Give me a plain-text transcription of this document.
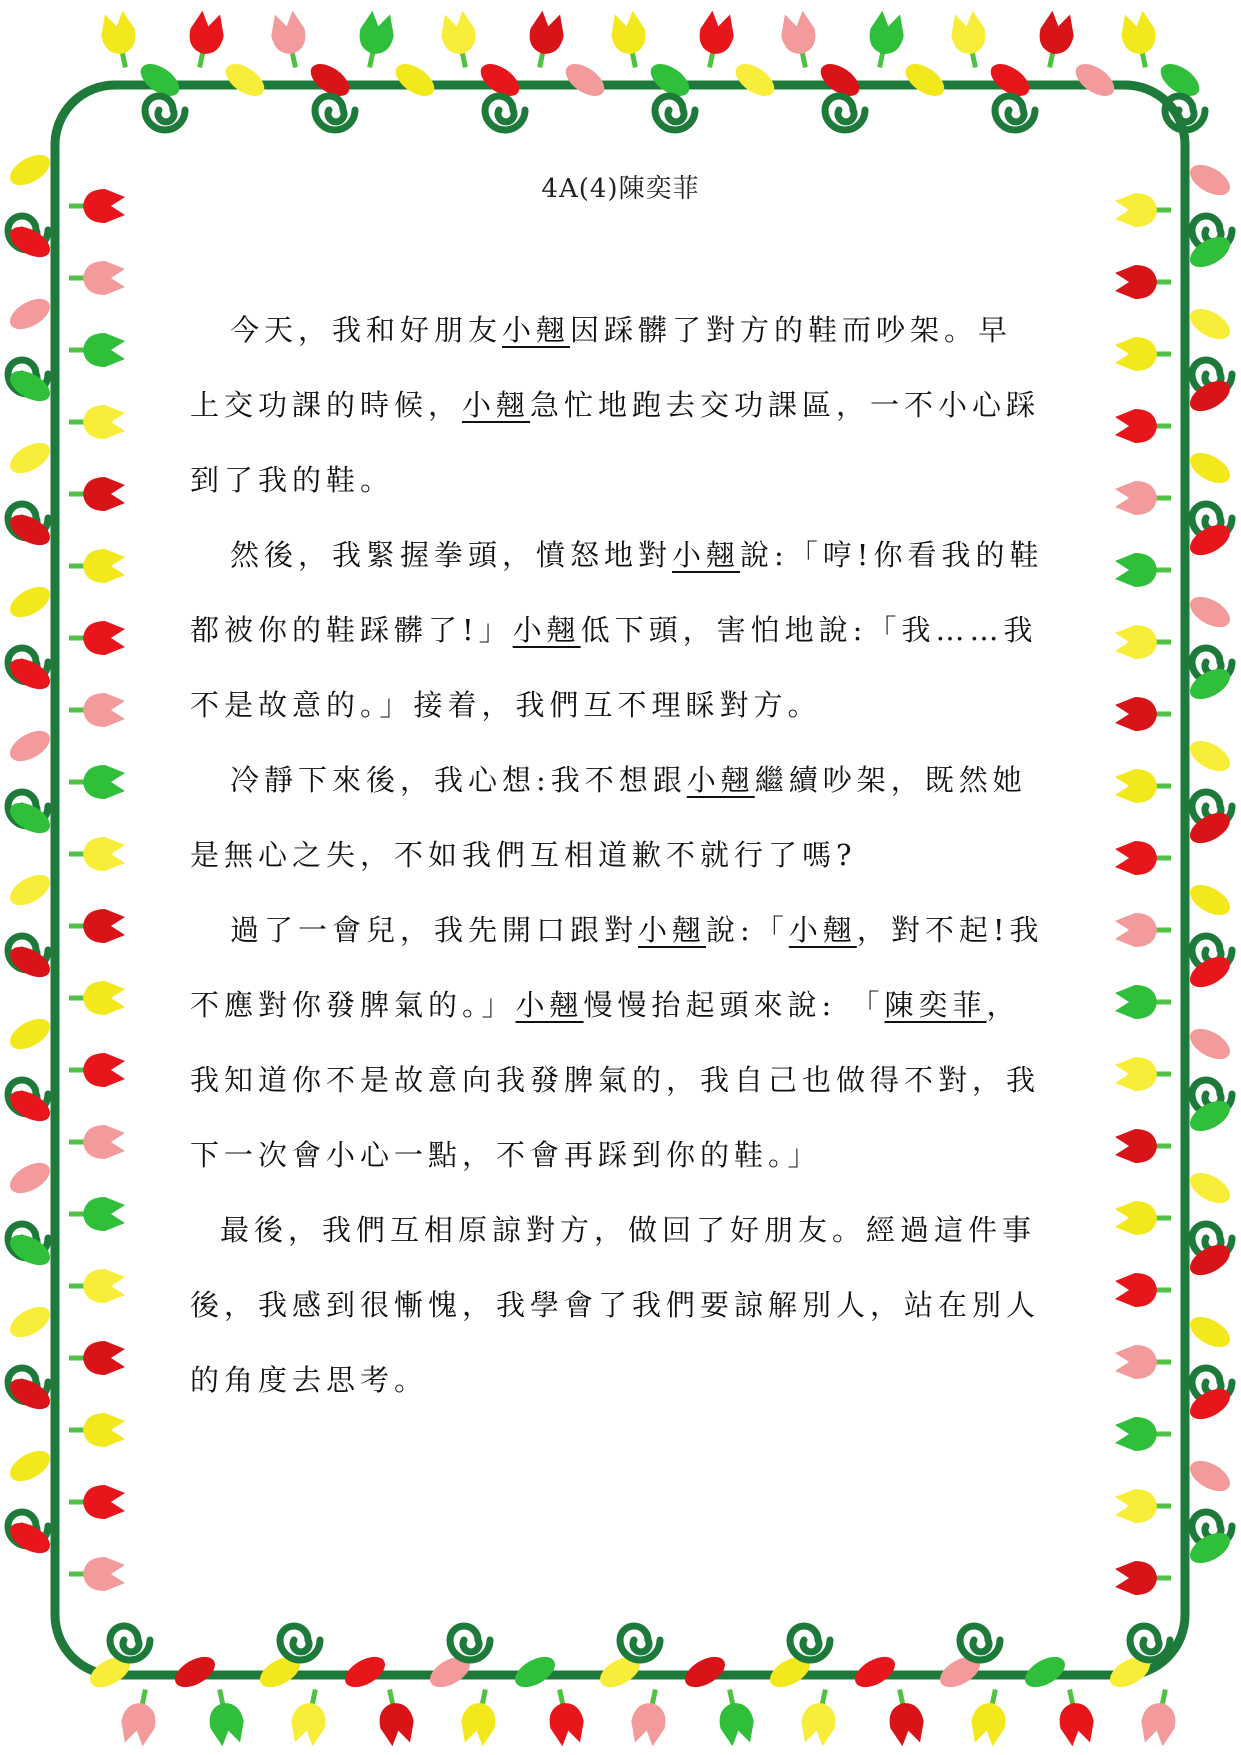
4A(4)陳奕菲
今天，我和好朋友小翹因踩髒了對方的鞋而吵架。早
上交功課的時候，小翹急忙地跑去交功課區，一不小心踩
到了我的鞋。
然後，我緊握拳頭，憤怒地對小翹說:「哼!你看我的鞋
都被你的鞋踩髒了!」小翹低下頭，害怕地說:「我……我
不是故意的。」接着，我們互不理睬對方。
冷靜下來後，我心想:我不想跟小翹繼續吵架，既然她
是無心之失，不如我們互相道歉不就行了嗎?
過了一會兒，我先開口跟對小翹說:「小翹，對不起!我
不應對你發脾氣的。」小翹慢慢抬起頭來說: 「陳奕菲，
我知道你不是故意向我發脾氣的，我自己也做得不對，我
下一次會小心一點，不會再踩到你的鞋。」
最後，我們互相原諒對方，做回了好朋友。經過這件事
後，我感到很慚愧，我學會了我們要諒解別人，站在別人
的角度去思考。
